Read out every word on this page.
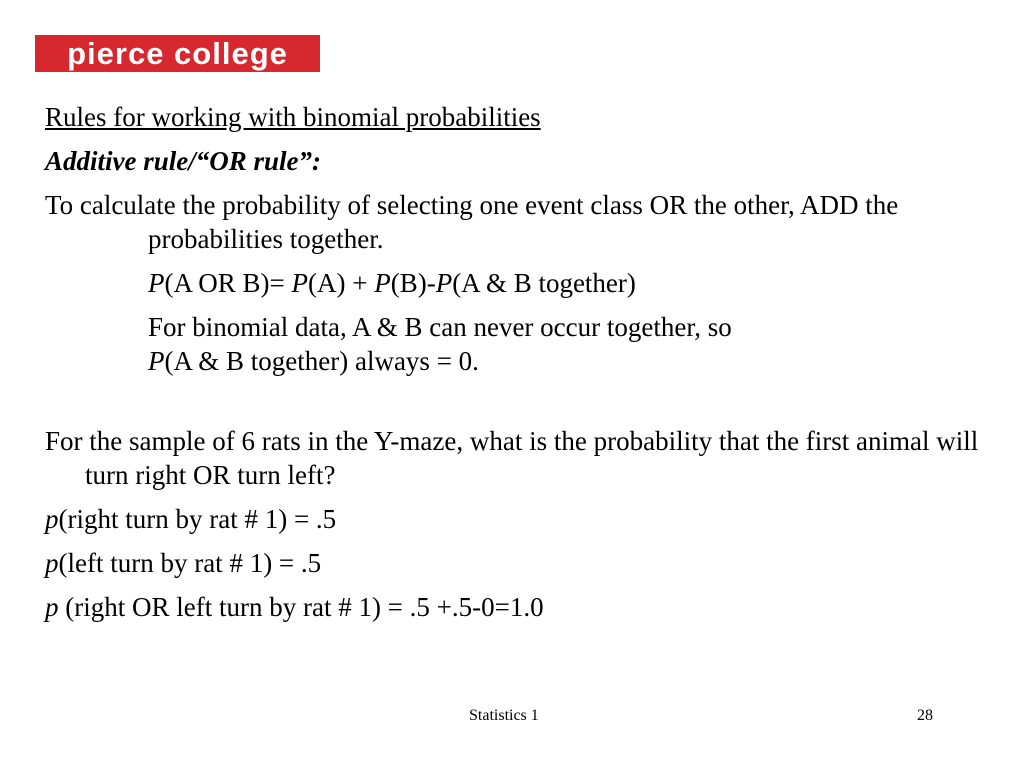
pierce college
Rules for working with binomial probabilities
Additive rule/“OR rule”:
To calculate the probability of selecting one event class OR the other, ADD the probabilities together.
P(A OR B)= P(A) + P(B)-P(A & B together)
For binomial data, A & B can never occur together, so
P(A & B together) always = 0.
For the sample of 6 rats in the Y-maze, what is the probability that the first animal will turn right OR turn left?
p(right turn by rat # 1) = .5
p(left turn by rat # 1) = .5
p (right OR left turn by rat # 1) = .5 +.5-0=1.0
Statistics 1	28
